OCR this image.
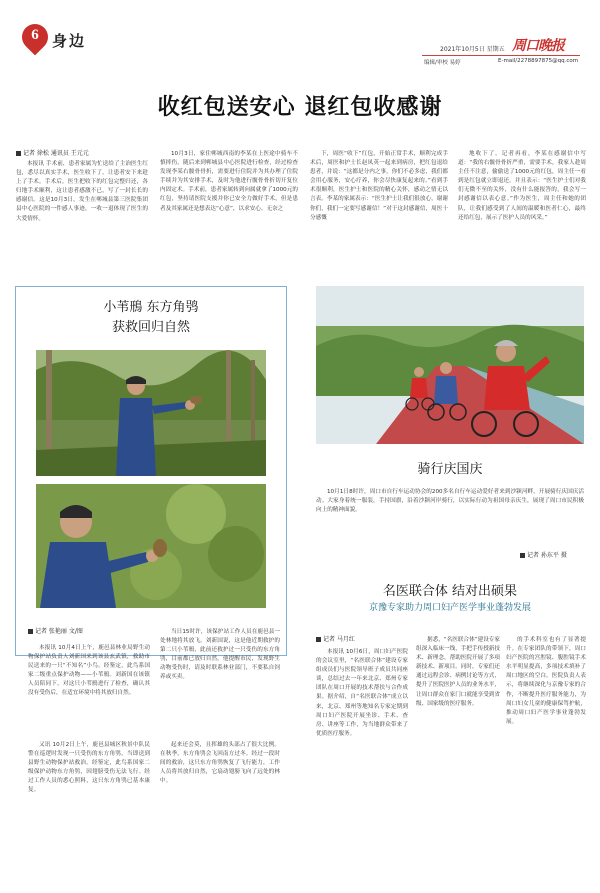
6 身边	2021年10月5日 星期五 周口晚报
编辑/审校 易婷	E-mail/2278897875@qq.com
收红包送安心 退红包收感谢
记者 徐松 通讯员 王元元

本报讯 手术前，患者家属为忙送给了主治医生红包，悉尽以真实手术，医生收下了，让患者安下来趁上了手术。手术后，医生把收下的红包完整归还，各归地手术顺利，这让患者感激不已，写了一封长长的感谢信。这是10月3日，发生在郸城县第三医院集团县中心医院的一件感人事迹，一收一退体现了医生的大爱情怀。

10月3日，家住郸城西南的李某在上医途中骑车不慎摔伤，随后来到郸城县中心医院进行检查，经过检查发现李某右髋骨骨折，需要进行住院并为其办理了住院手续并为其安排手术，及时为他进行髋骨骨折切开复位内固定术。手术前，患者家属转到向属就拿了1000元的红包，坚持请医院支援并你已安全力做好手术，但是患者及其家属还是想表达“心意”，以求安心。无奈之

下，周医“收下”红包，开始正常手术，顺利完成手术后，周医和护士长赵凤英一起来到病房，把红包退给患者，并说：“这都是分内之事，你们不必多虑，我们都会用心服务，安心疗养，你会尽快康复起来的。”看到手术很顺利，医生护士和医院的精心关怀，感动之情无以言表。李某的家属表示：“医生护士让我们很放心，谢谢你们，我们一定要写感谢信！”对于这封感谢信，周医十分感慨

地收下了。记者再看，李某在感谢信中写道：“我的右髋骨骨折严重，需要手术，我家人趁周主任不注意，偷偷送了1000元的红包，周主任一看到是红包就立即退还，并且表示：“医生护士们对我们无微不至的关怀，没有什么能报答的，我会写一封感谢信以表心意。”作为医生，周主任和她的团队，让我们感受到了人间的温暖和医者仁心，最终还给红包，展示了医护人员的风采。”

小苇鳽 东方角鸮
获救回归自然
记者 张艳丽 文/图

本报讯 10月4日上午，鹿邑县林业局野生动物保护站负责人刘新国来到该县玄武镇，救助市民送来的一只“不知名”小鸟。经鉴定，此鸟系国家二级重点保护动物——小苇鳽。刘新国在该镇人员陪同下，对这只小苇鳽进行了检查，确认其没有受伤后，在适宜环境中将其放归自然。

当日15时许，该保护站工作人员在鹿邑县一处林地将其放飞。刘新国说，这是他近期救护的第二只小苇鳽，此前还救护过一只受伤的东方角鸮，目前都已放归自然。他提醒市民，发现野生动物受伤时，请及时联系林业部门，不要私自饲养或买卖。

又讯 10月2日上午，鹿邑县城区秋景中队民警在巡逻时发现一只受伤的东方角鸮，当即送到县野生动物保护站救治。经鉴定，此鸟系国家二级保护动物东方角鸮，因翅膀受伤无法飞行。经过工作人员的悉心照料，这只东方角鸮已基本康复。

起来还会莫，且挥雄的头部占了很大比例。在秋季，东方角鸮会飞回南方过冬。经过一段时间的救治，这只东方角鸮恢复了飞行能力，工作人员将其放归自然，它扇动翅膀飞向了远处的林中。

骑行庆国庆

10月1日8时许，周口市自行车运动协会的200多名自行车运动爱好者来到沙颍河畔，开展骑行庆国庆活动。大家身着统一服装，手持国旗，沿着沙颍河岸骑行，以实际行动为祖国母亲庆生，展现了周口市民积极向上的精神面貌。

记者 孙东平 摄
名医联合体 结对出硕果
京豫专家助力周口妇产医学事业蓬勃发展
记者 马月红

本报讯 10月6日，周口妇产医院的会议室里，“名医联合体”建设专家组成员们与医院领导班子成员共同座谈，总结过去一年来北京、郑州专家团队在周口开展的技术帮扶与合作成果。据介绍，自“名医联合体”成立以来，北京、郑州等地知名专家定期到周口妇产医院开展坐诊、手术、查房、讲座等工作，为当地群众带来了优质医疗服务。

据悉，“名医联合体”建设专家组深入临床一线，手把手传授新技术、新理念，帮助医院开展了多项新技术、新项目。同时，专家们还通过远程会诊、病例讨论等方式，提升了医院医护人员的业务水平，让周口群众在家门口就能享受到省级、国家级的医疗服务。

的手术科室也有了显著提升。在专家团队的带领下，周口妇产医院的宫腔镜、腹腔镜手术水平明显提高，多项技术填补了周口地区的空白。医院负责人表示，将继续深化与京豫专家的合作，不断提升医疗服务能力，为周口妇女儿童的健康保驾护航，推动周口妇产医学事业蓬勃发展。
